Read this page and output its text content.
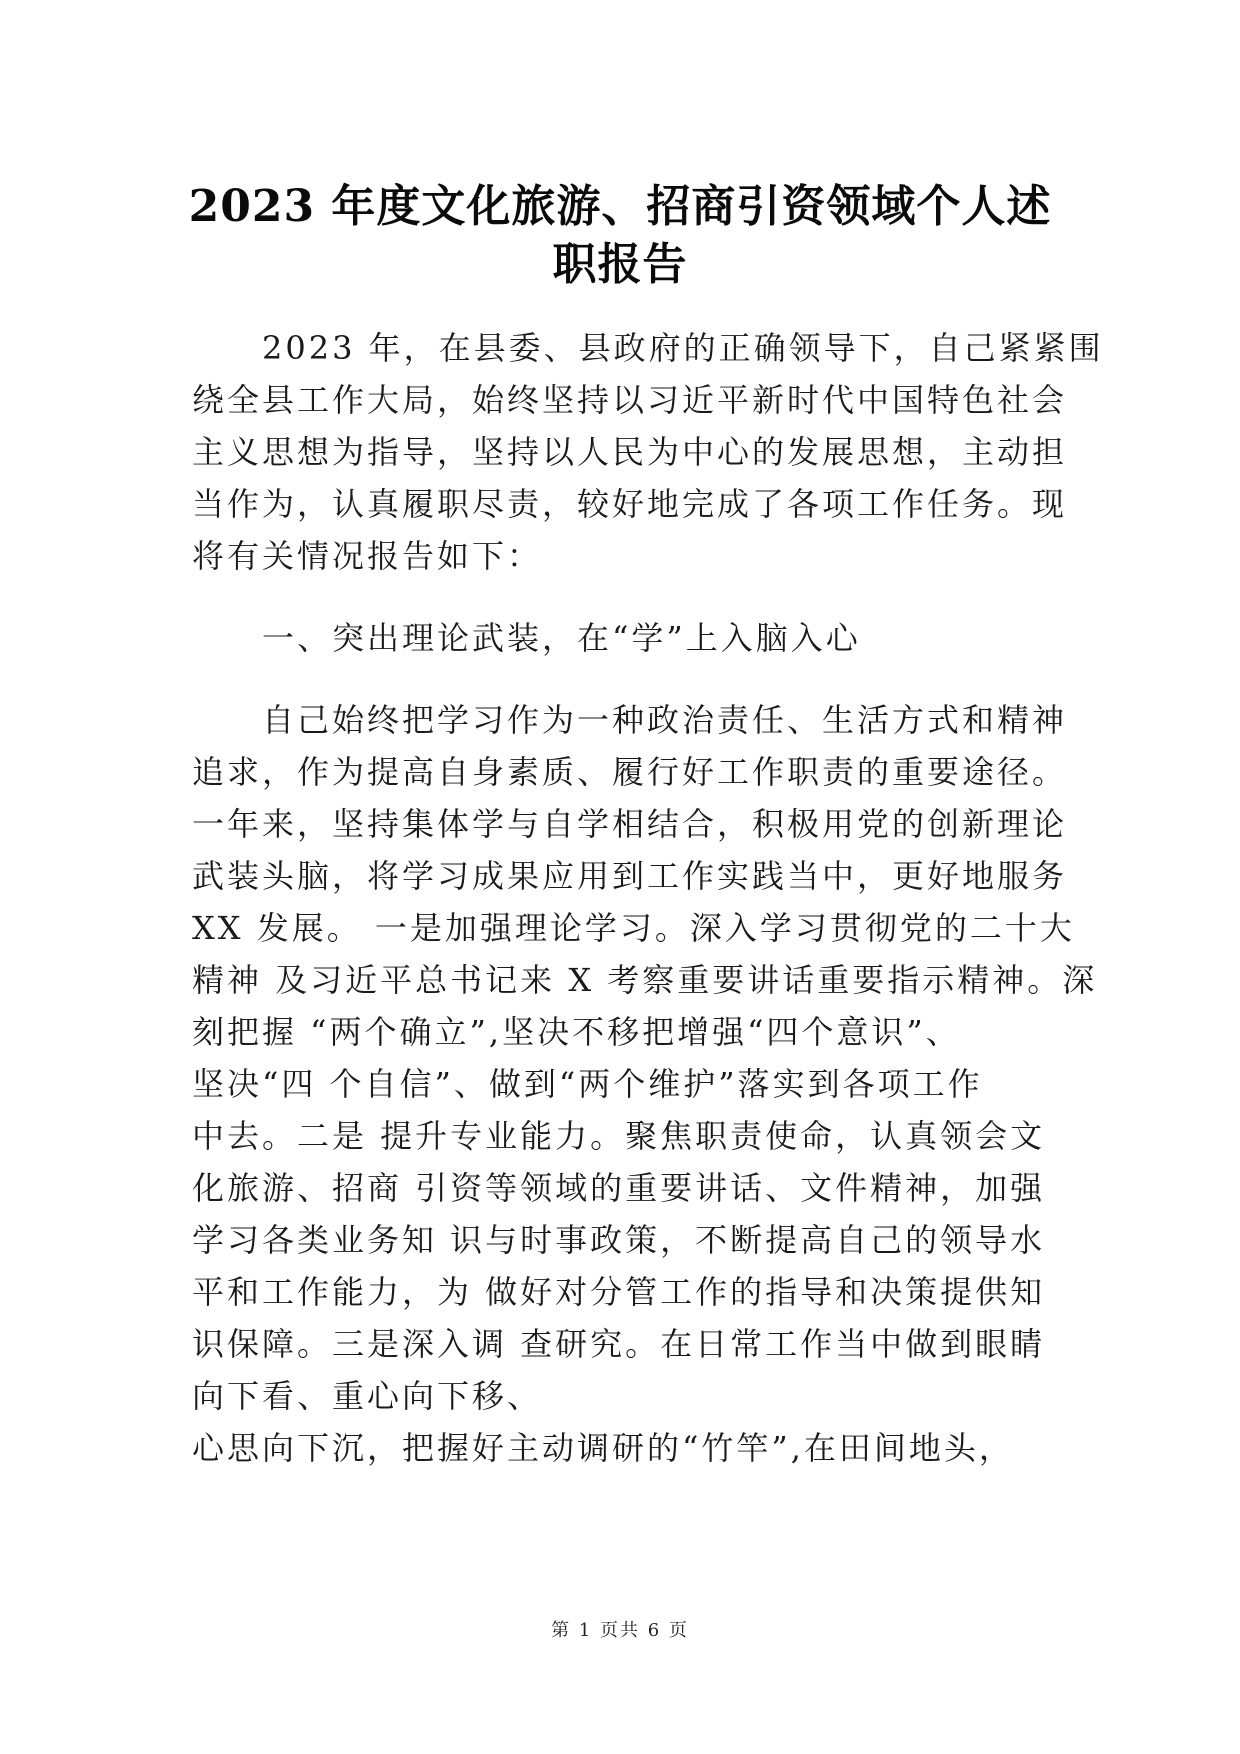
2023 年度文化旅游、招商引资领域个人述
职报告
　　2023 年，在县委、县政府的正确领导下，自己紧紧围
绕全县工作大局，始终坚持以习近平新时代中国特色社会
主义思想为指导，坚持以人民为中心的发展思想，主动担
当作为，认真履职尽责，较好地完成了各项工作任务。现
将有关情况报告如下：
　　一、突出理论武装，在“学”上入脑入心
　　自己始终把学习作为一种政治责任、生活方式和精神
追求，作为提高自身素质、履行好工作职责的重要途径。
一年来，坚持集体学与自学相结合，积极用党的创新理论
武装头脑，将学习成果应用到工作实践当中，更好地服务
XX 发展。 一是加强理论学习。深入学习贯彻党的二十大
精神 及习近平总书记来 X 考察重要讲话重要指示精神。深
刻把握 “两个确立”,坚决不移把增强“四个意识”、
坚决“四 个自信”、做到“两个维护”落实到各项工作
中去。二是 提升专业能力。聚焦职责使命，认真领会文
化旅游、招商 引资等领域的重要讲话、文件精神，加强
学习各类业务知 识与时事政策，不断提高自己的领导水
平和工作能力，为 做好对分管工作的指导和决策提供知
识保障。三是深入调 查研究。在日常工作当中做到眼睛
向下看、重心向下移、
心思向下沉，把握好主动调研的“竹竿”,在田间地头，
第 1 页共 6 页
